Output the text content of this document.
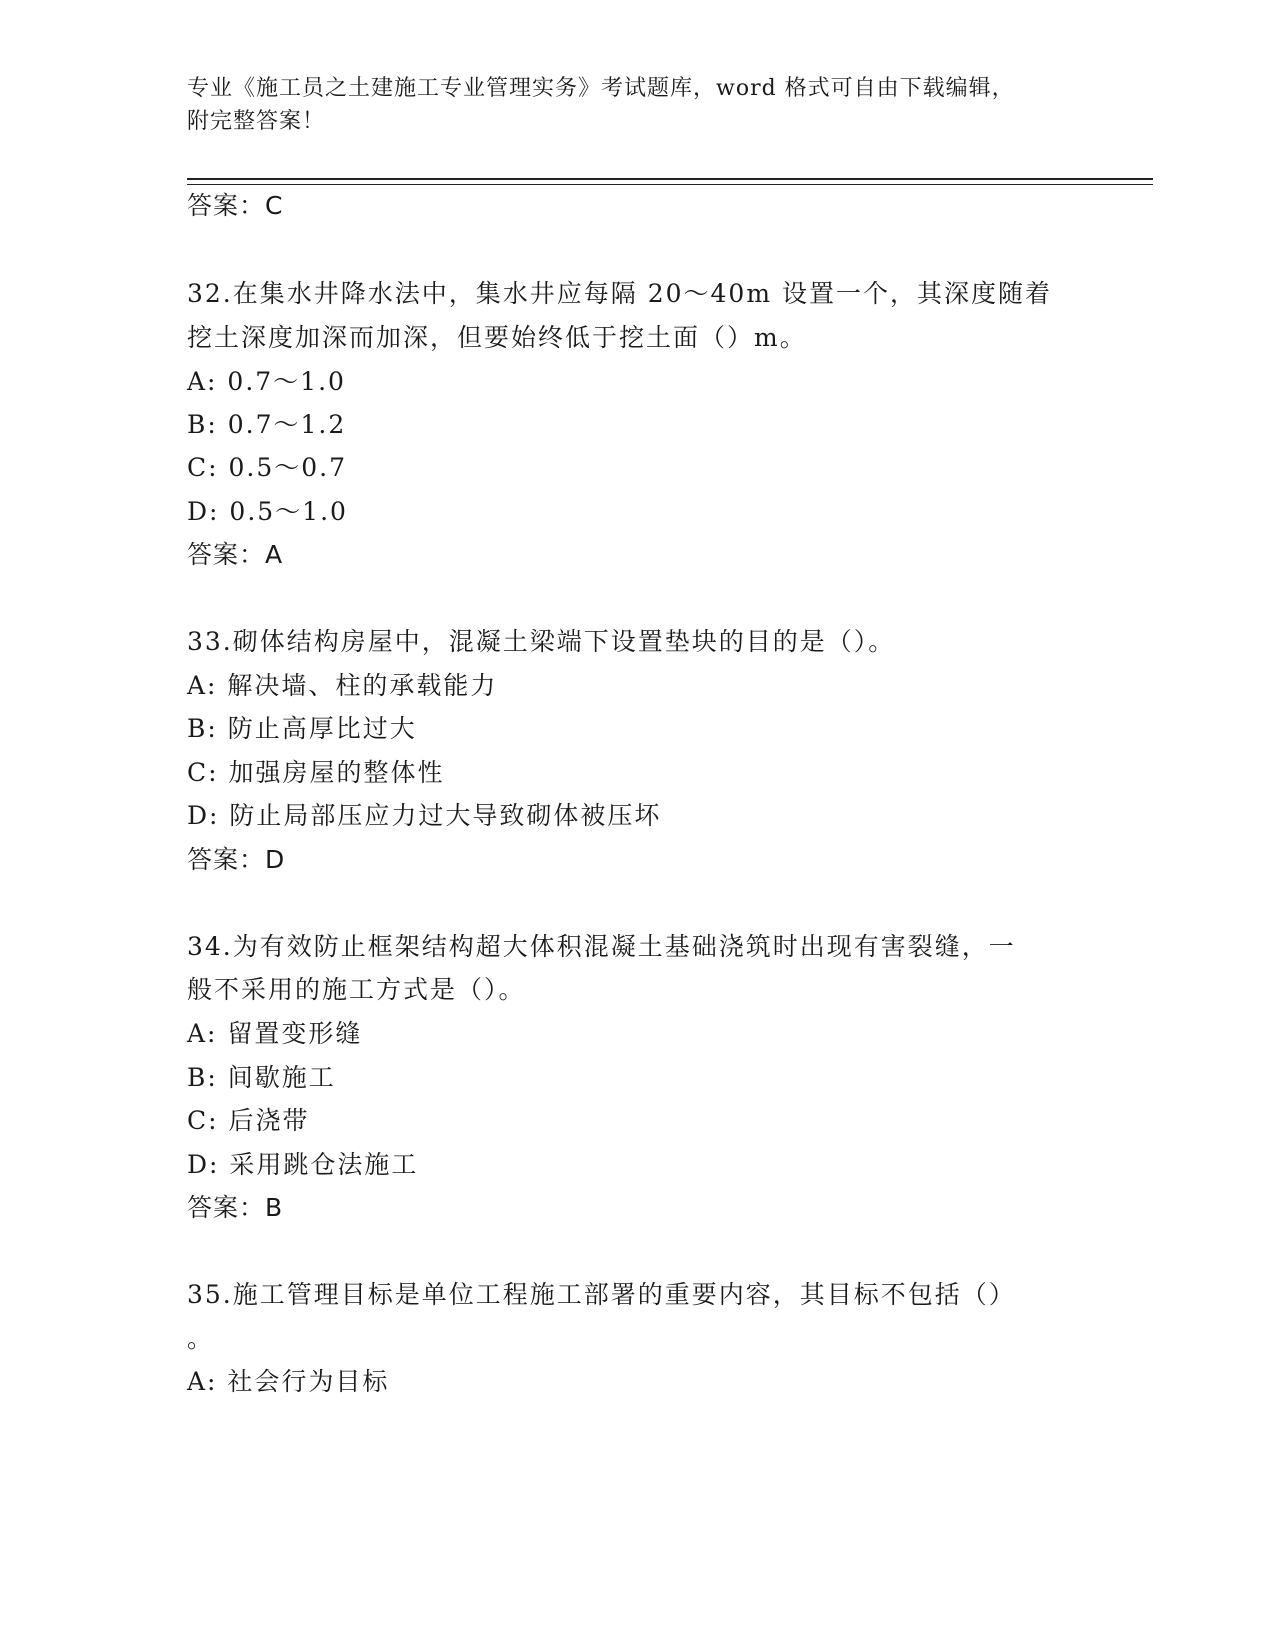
专业《施工员之土建施工专业管理实务》考试题库，word 格式可自由下载编辑，
附完整答案！
答案：C
32.在集水井降水法中，集水井应每隔 20～40m 设置一个，其深度随着
挖土深度加深而加深，但要始终低于挖土面（）m。
A: 0.7～1.0
B: 0.7～1.2
C: 0.5～0.7
D: 0.5～1.0
答案：A
33.砌体结构房屋中，混凝土梁端下设置垫块的目的是（）。
A: 解决墙、柱的承载能力
B: 防止高厚比过大
C: 加强房屋的整体性
D: 防止局部压应力过大导致砌体被压坏
答案：D
34.为有效防止框架结构超大体积混凝土基础浇筑时出现有害裂缝，一
般不采用的施工方式是（）。
A: 留置变形缝
B: 间歇施工
C: 后浇带
D: 采用跳仓法施工
答案：B
35.施工管理目标是单位工程施工部署的重要内容，其目标不包括（）
。
A: 社会行为目标
